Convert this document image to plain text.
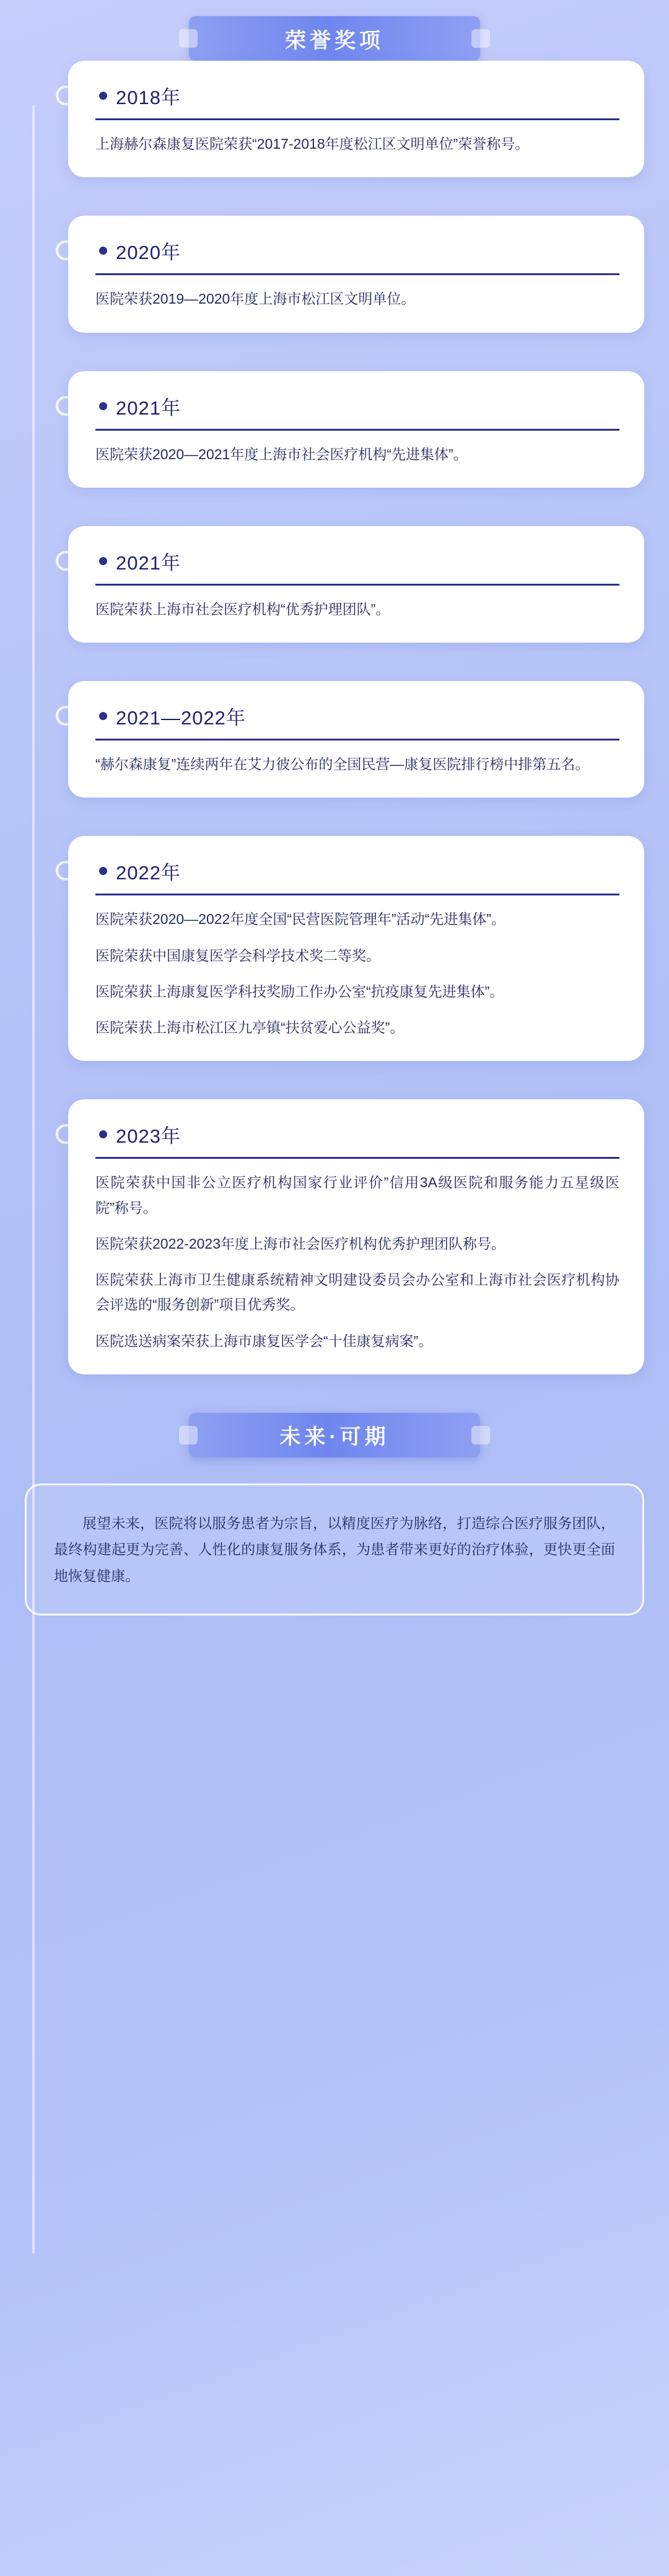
荣誉奖项
2018年

上海赫尔森康复医院荣获“2017-2018年度松江区文明单位”荣誉称号。

2020年

医院荣获2019—2020年度上海市松江区文明单位。

2021年

医院荣获2020—2021年度上海市社会医疗机构“先进集体”。

2021年

医院荣获上海市社会医疗机构“优秀护理团队”。

2021—2022年

“赫尔森康复”连续两年在艾力彼公布的全国民营—康复医院排行榜中排第五名。

2022年

医院荣获2020—2022年度全国“民营医院管理年”活动“先进集体”。

医院荣获中国康复医学会科学技术奖二等奖。

医院荣获上海康复医学科技奖励工作办公室“抗疫康复先进集体”。

医院荣获上海市松江区九亭镇“扶贫爱心公益奖”。

2023年

医院荣获中国非公立医疗机构国家行业评价”信用3A级医院和服务能力五星级医院”称号。

医院荣获2022-2023年度上海市社会医疗机构优秀护理团队称号。

医院荣获上海市卫生健康系统精神文明建设委员会办公室和上海市社会医疗机构协会评选的“服务创新”项目优秀奖。

医院选送病案荣获上海市康复医学会“十佳康复病案”。

未来·可期

展望未来，医院将以服务患者为宗旨，以精度医疗为脉络，打造综合医疗服务团队，最终构建起更为完善、人性化的康复服务体系，为患者带来更好的治疗体验，更快更全面地恢复健康。
